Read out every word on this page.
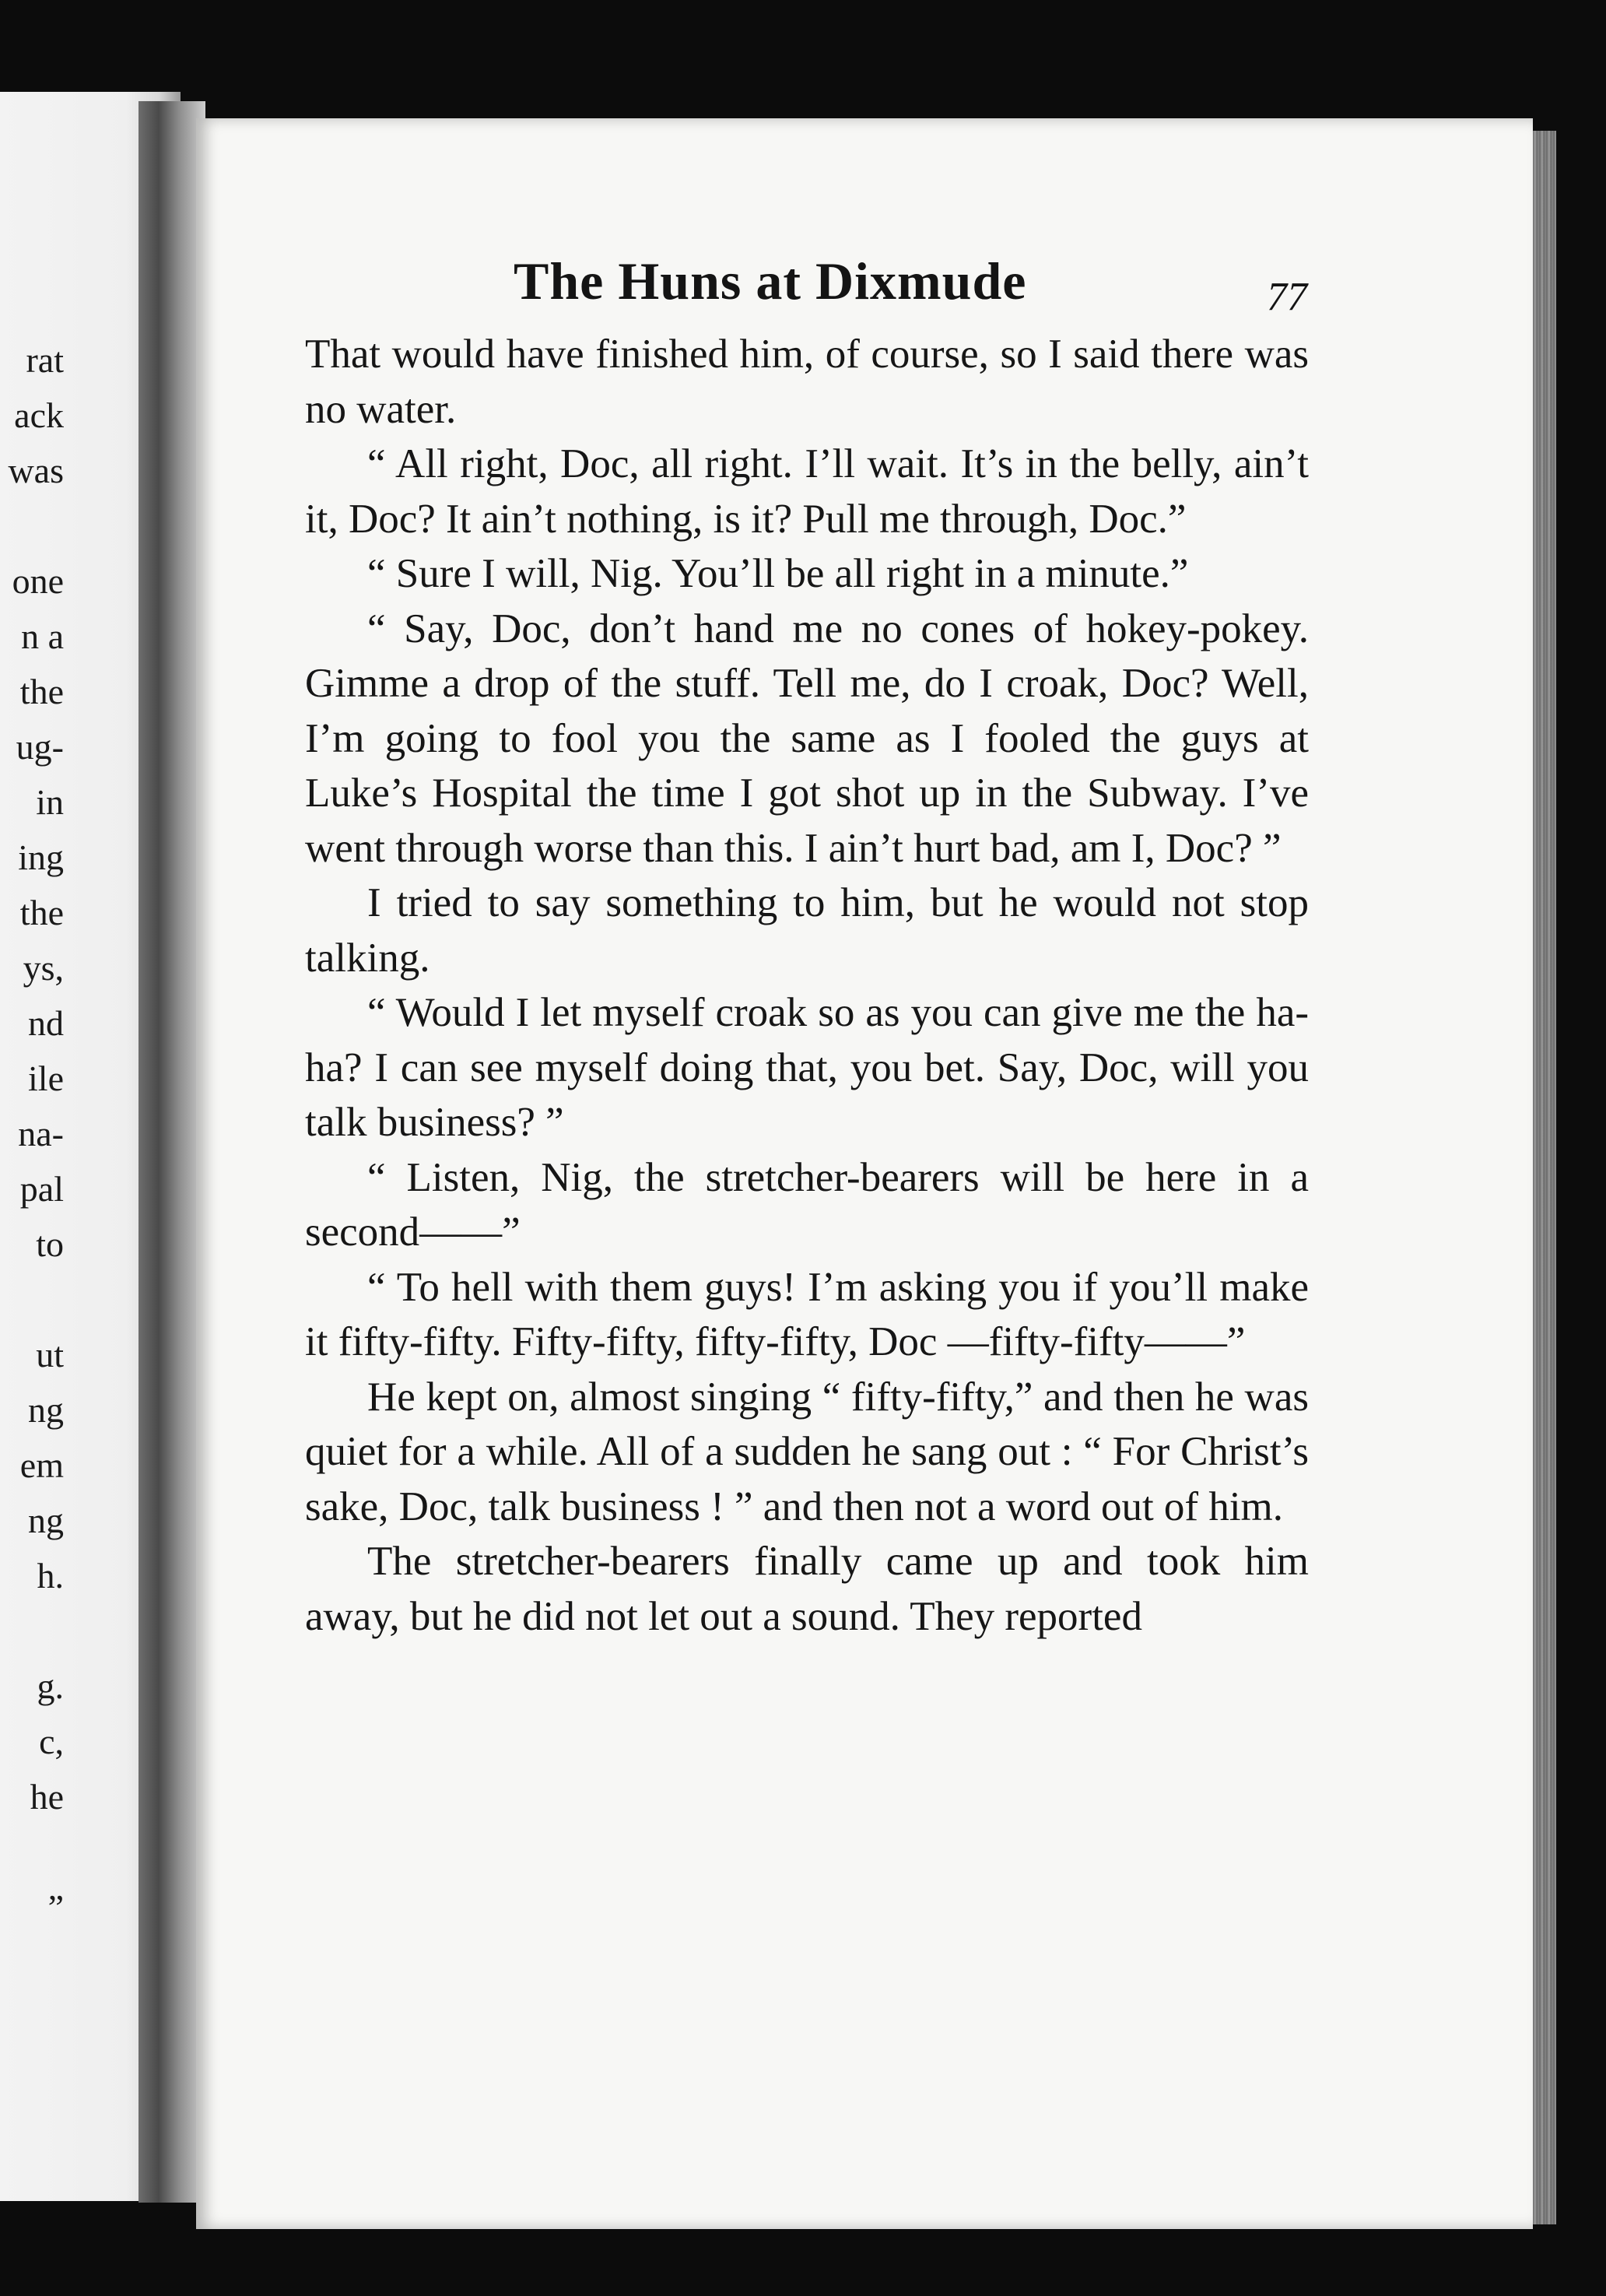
rat
ack
was
one
n a
the
ug-
in
ing
the
ys,
nd
ile
na-
pal
to
ut
ng
em
ng
h.
g.
c,
he
”
The Huns at Dixmude	77

That would have finished him, of course, so I said there was no water.

“ All right, Doc, all right. I’ll wait. It’s in the belly, ain’t it, Doc? It ain’t nothing, is it? Pull me through, Doc.”

“ Sure I will, Nig. You’ll be all right in a minute.”

“ Say, Doc, don’t hand me no cones of hokey-pokey. Gimme a drop of the stuff. Tell me, do I croak, Doc? Well, I’m going to fool you the same as I fooled the guys at Luke’s Hospital the time I got shot up in the Subway. I’ve went through worse than this. I ain’t hurt bad, am I, Doc? ”

I tried to say something to him, but he would not stop talking.

“ Would I let myself croak so as you can give me the ha-ha? I can see myself doing that, you bet. Say, Doc, will you talk business? ”

“ Listen, Nig, the stretcher-bearers will be here in a second——”

“ To hell with them guys! I’m asking you if you’ll make it fifty-fifty. Fifty-fifty, fifty-fifty, Doc —fifty-fifty——”

He kept on, almost singing “ fifty-fifty,” and then he was quiet for a while. All of a sudden he sang out : “ For Christ’s sake, Doc, talk business ! ” and then not a word out of him.

The stretcher-bearers finally came up and took him away, but he did not let out a sound. They reported
